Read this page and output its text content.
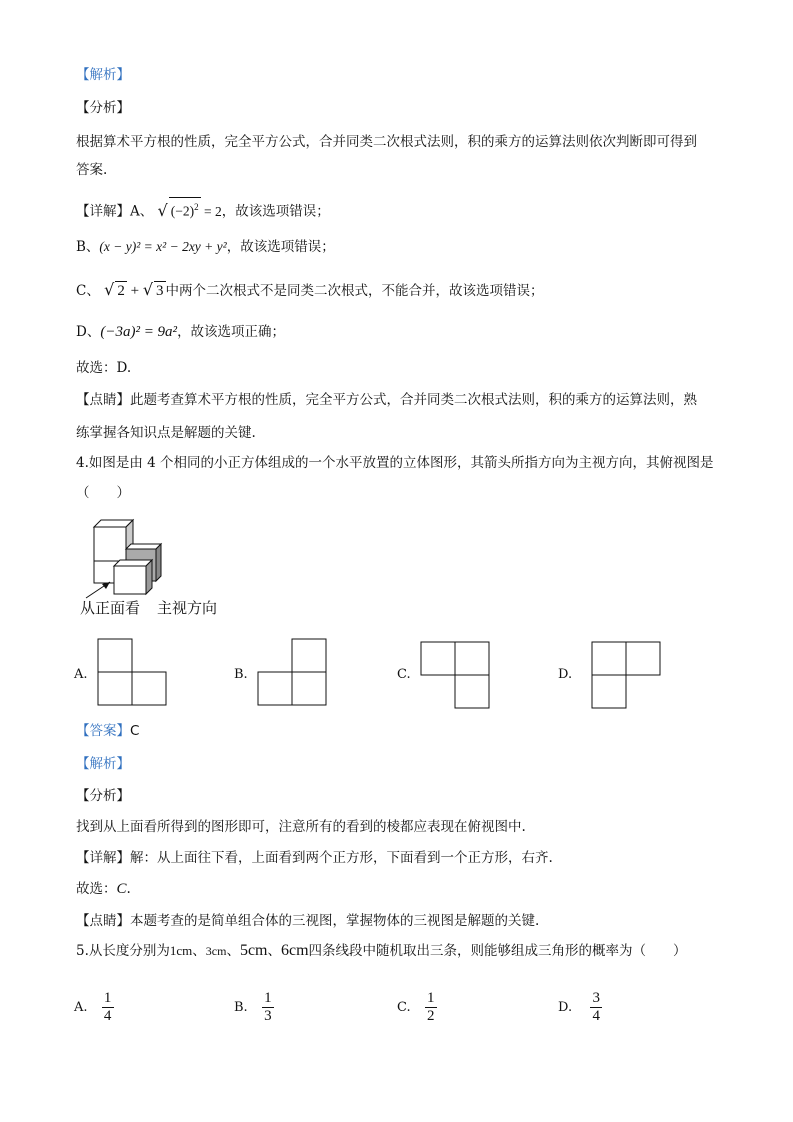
【解析】
【分析】
根据算术平方根的性质，完全平方公式，合并同类二次根式法则，积的乘方的运算法则依次判断即可得到
答案.
【详解】A、 √ $(-2)^2 = 2$，故该选项错误；
B、(x − y)² = x² − 2xy + y²，故该选项错误；
C、 √ 2 + √ 3 中两个二次根式不是同类二次根式，不能合并，故该选项错误；
D、(−3a)² = 9a²，故该选项正确；
故选：D.
【点睛】此题考查算术平方根的性质，完全平方公式，合并同类二次根式法则，积的乘方的运算法则，熟
练掌握各知识点是解题的关键.
4.如图是由 4 个相同的小正方体组成的一个水平放置的立体图形，其箭头所指方向为主视方向，其俯视图是
（　　）
从正面看 主视方向
A.	B.	C.	D.
【答案】C
【解析】
【分析】
找到从上面看所得到的图形即可，注意所有的看到的棱都应表现在俯视图中.
【详解】解：从上面往下看，上面看到两个正方形，下面看到一个正方形，右齐.
故选：C.
【点睛】本题考查的是简单组合体的三视图，掌握物体的三视图是解题的关键.
5.从长度分别为1cm、3cm、5cm、6cm四条线段中随机取出三条，则能够组成三角形的概率为（　　）
A. $\frac{1}{4}$	B. $\frac{1}{3}$	C. $\frac{1}{2}$	D. $\frac{3}{4}$
